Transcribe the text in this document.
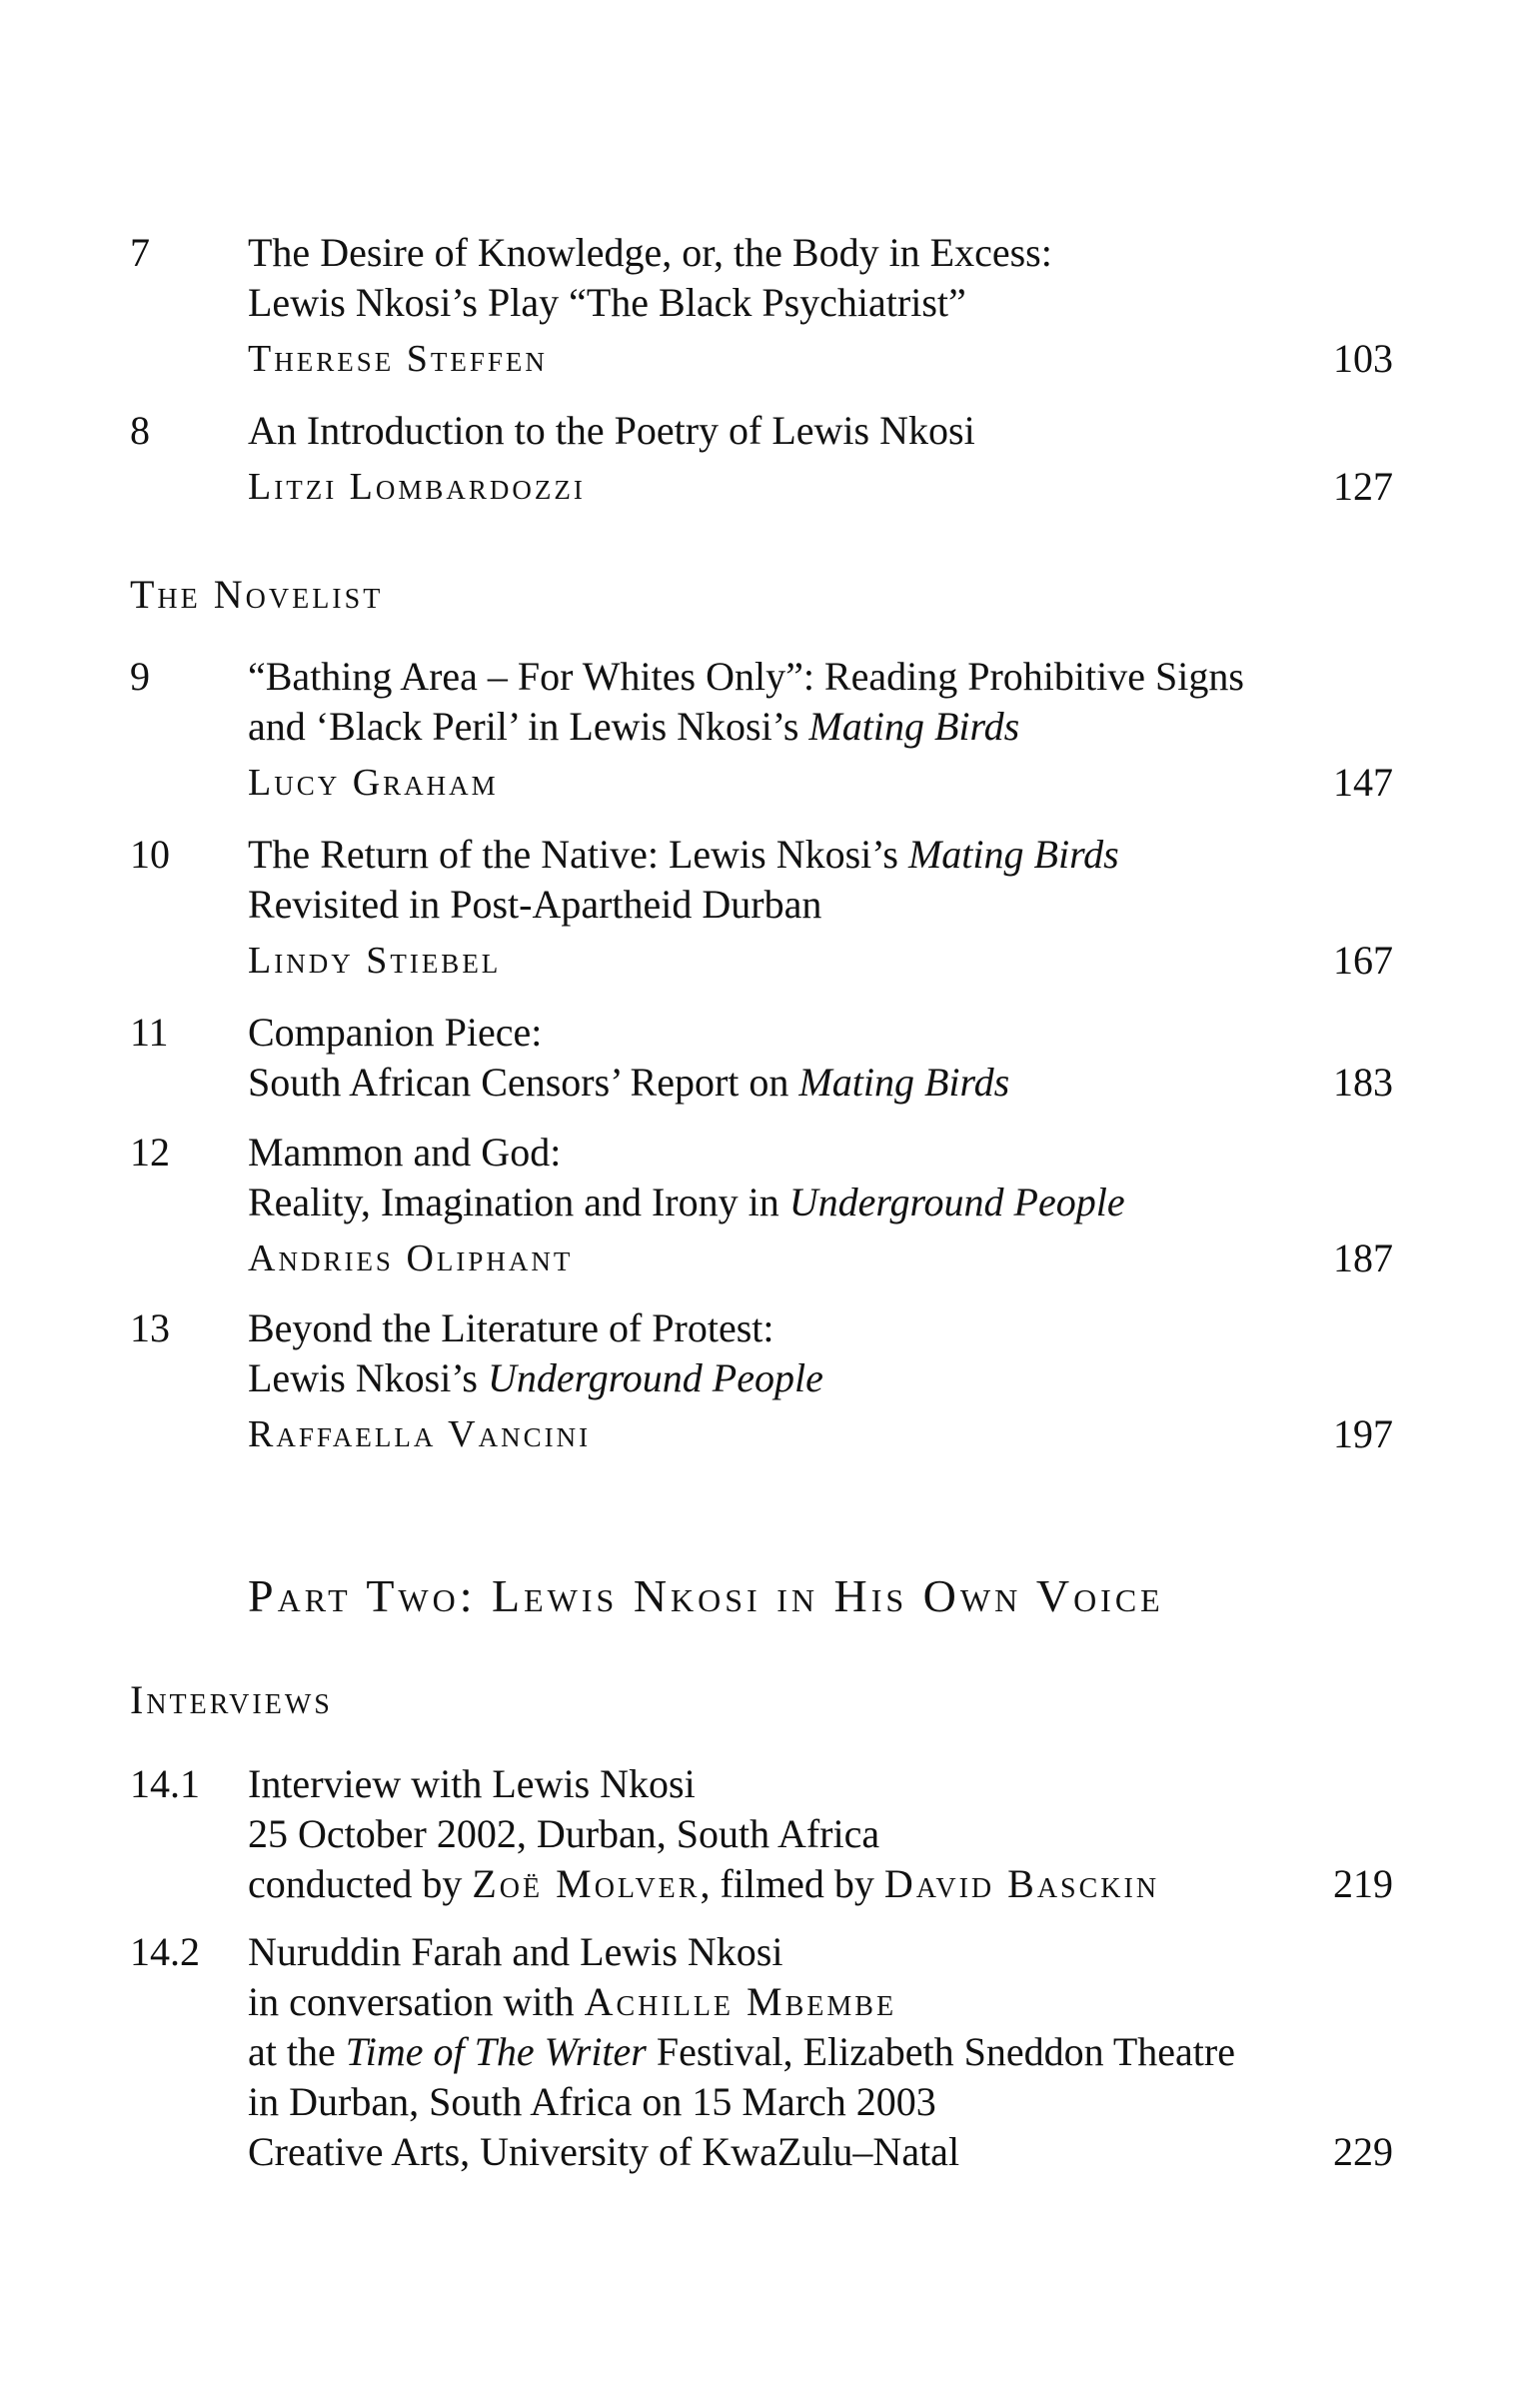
7 The Desire of Knowledge, or, the Body in Excess:
Lewis Nkosi’s Play “The Black Psychiatrist”
Therese Steffen	103
8 An Introduction to the Poetry of Lewis Nkosi
Litzi Lombardozzi	127
The Novelist
9 “Bathing Area – For Whites Only”: Reading Prohibitive Signs
and ‘Black Peril’ in Lewis Nkosi’s Mating Birds
Lucy Graham	147
10 The Return of the Native: Lewis Nkosi’s Mating Birds
Revisited in Post-Apartheid Durban
Lindy Stiebel	167
11 Companion Piece:
South African Censors’ Report on Mating Birds	183
12 Mammon and God:
Reality, Imagination and Irony in Underground People
Andries Oliphant	187
13 Beyond the Literature of Protest:
Lewis Nkosi’s Underground People
Raffaella Vancini	197
Part Two: Lewis Nkosi in His Own Voice
Interviews
14.1 Interview with Lewis Nkosi
25 October 2002, Durban, South Africa
conducted by Zoë Molver, filmed by David Basckin	219
14.2 Nuruddin Farah and Lewis Nkosi
in conversation with Achille Mbembe
at the Time of The Writer Festival, Elizabeth Sneddon Theatre
in Durban, South Africa on 15 March 2003
Creative Arts, University of KwaZulu–Natal	229
